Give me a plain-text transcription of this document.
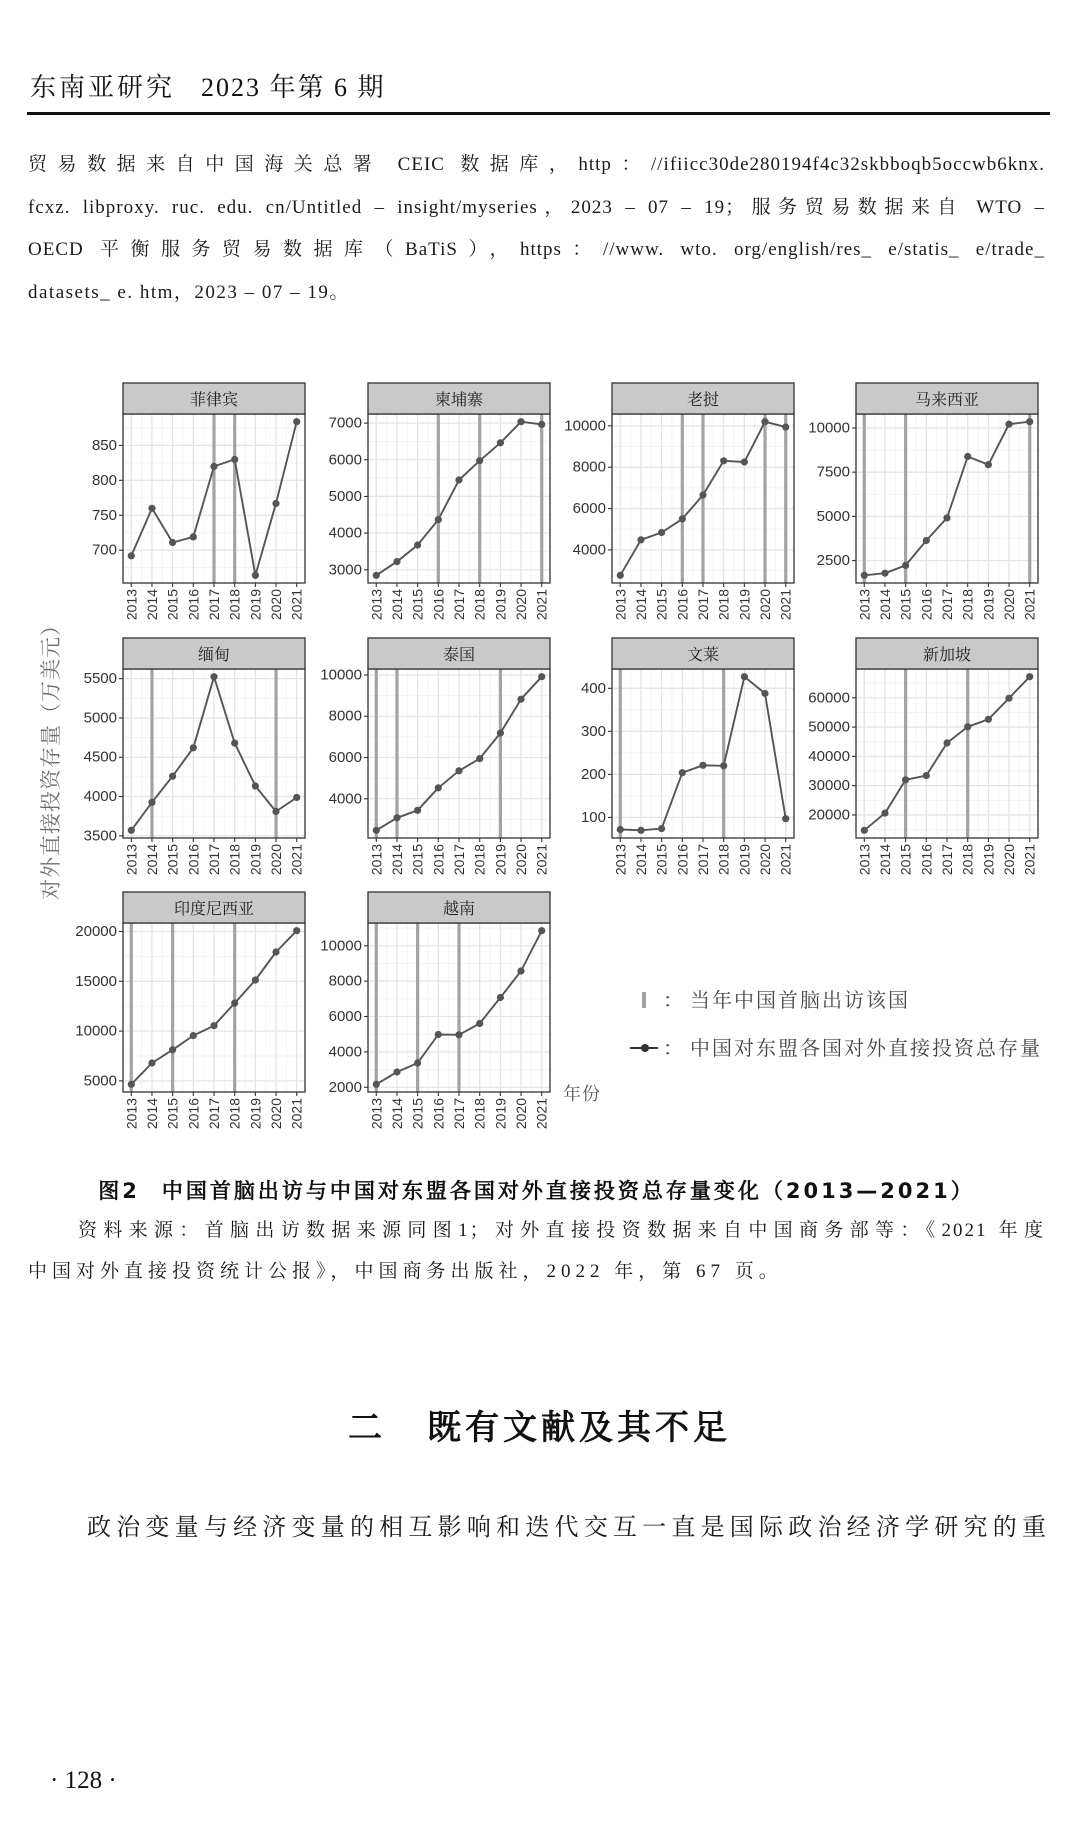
东南亚研究 2023 年第 6 期
贸易数据来自中国海关总署 CEIC 数据库，http：//ifiicc30de280194f4c32skbboqb5occwb6knx.
fcxz. libproxy. ruc. edu. cn/Untitled – insight/myseries，2023 – 07 – 19；服务贸易数据来自 WTO –
OECD 平衡服务贸易数据库（BaTiS），https：//www. wto. org/english/res_ e/statis_ e/trade_
datasets_ e. htm，2023 – 07 – 19。
菲律宾
700
750
800
850
2013 2014 2015 2016 2017 2018 2019 2020 2021
柬埔寨
3000
4000
5000
6000
7000
2013 2014 2015 2016 2017 2018 2019 2020 2021
老挝
4000
6000
8000
10000
2013 2014 2015 2016 2017 2018 2019 2020 2021
马来西亚
2500
5000
7500
10000
2013 2014 2015 2016 2017 2018 2019 2020 2021
缅甸
3500
4000
4500
5000
5500
2013 2014 2015 2016 2017 2018 2019 2020 2021
泰国
4000
6000
8000
10000
2013 2014 2015 2016 2017 2018 2019 2020 2021
文莱
100
200
300
400
2013 2014 2015 2016 2017 2018 2019 2020 2021
新加坡
20000
30000
40000
50000
60000
2013 2014 2015 2016 2017 2018 2019 2020 2021
印度尼西亚
5000
10000
15000
20000
2013 2014 2015 2016 2017 2018 2019 2020 2021
越南
2000
4000
6000
8000
10000
2013 2014 2015 2016 2017 2018 2019 2020 2021
对外直接投资存量（万美元）
年份
： 当年中国首脑出访该国
： 中国对东盟各国对外直接投资总存量
图2 中国首脑出访与中国对东盟各国对外直接投资总存量变化（2013—2021）
资料来源：首脑出访数据来源同图1；对外直接投资数据来自中国商务部等：《2021 年度
中国对外直接投资统计公报》，中国商务出版社，2022 年，第 67 页。
二 既有文献及其不足
政治变量与经济变量的相互影响和迭代交互一直是国际政治经济学研究的重
· 128 ·
